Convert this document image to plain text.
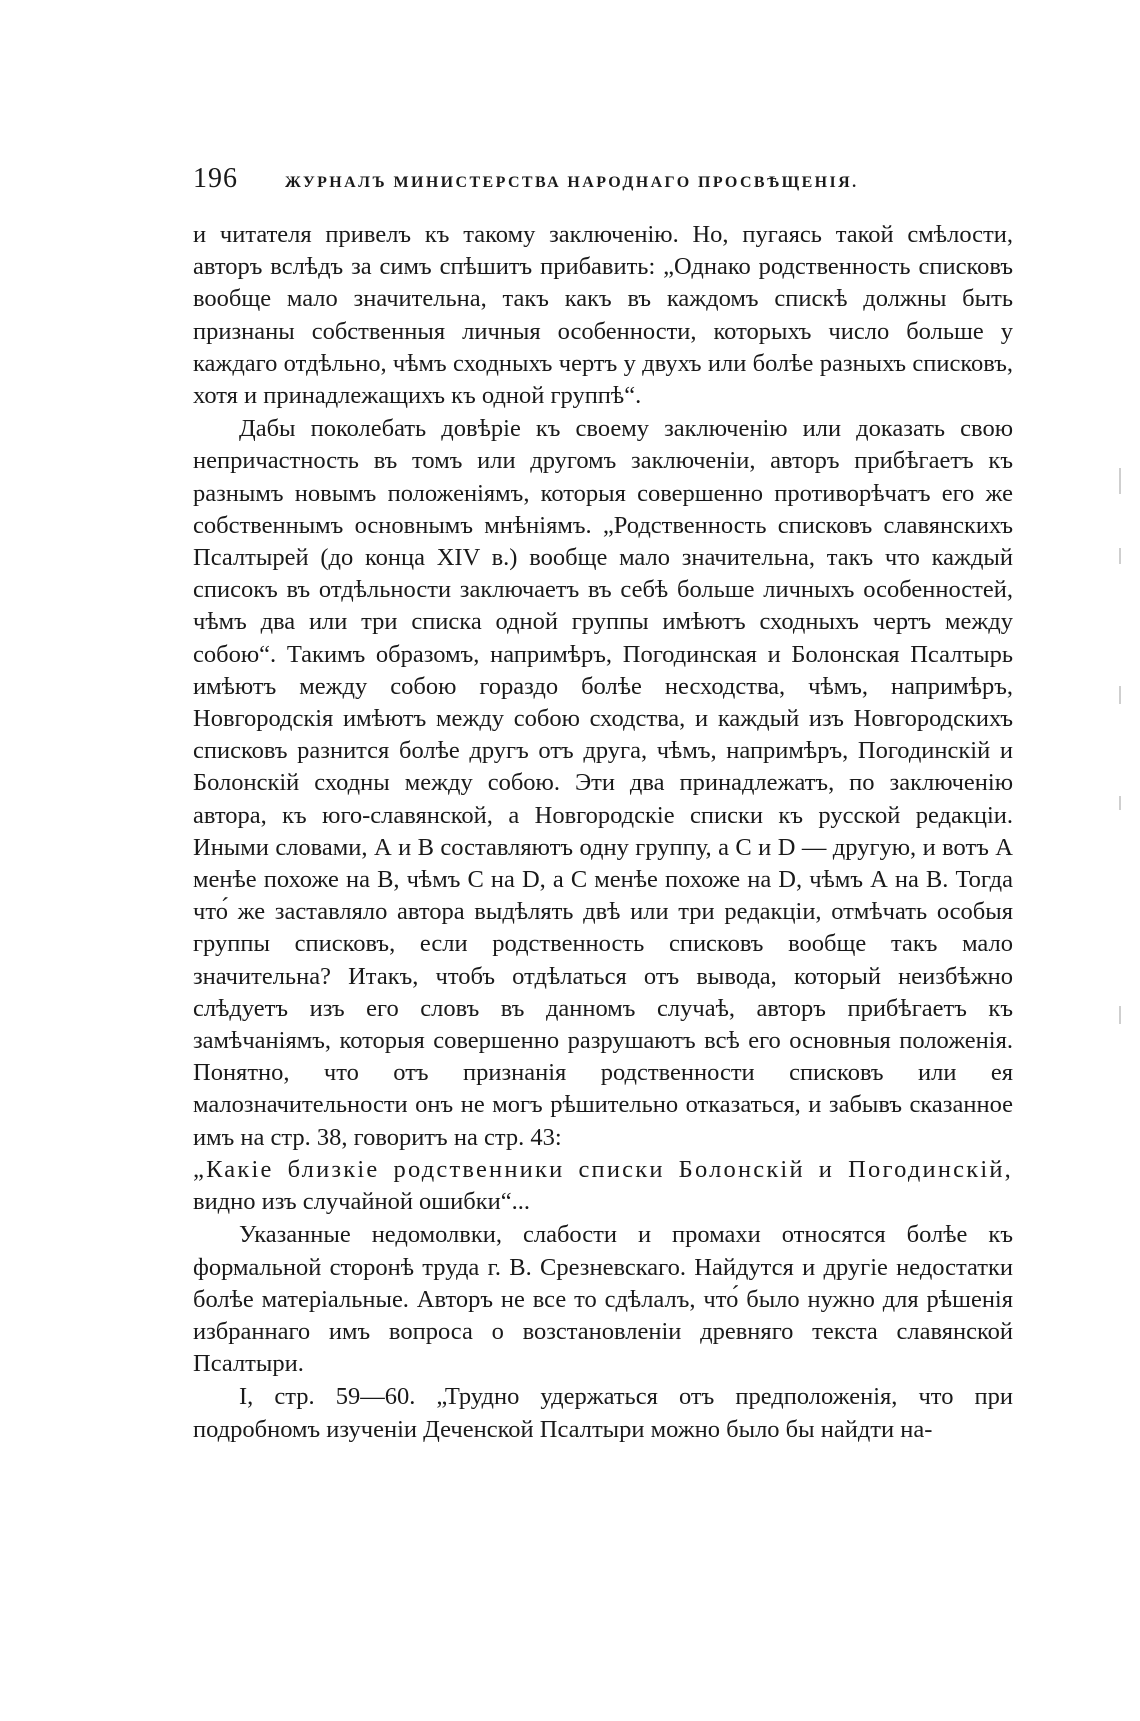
196	ЖУРНАЛЪ МИНИСТЕРСТВА НАРОДНАГО ПРОСВѢЩЕНІЯ.

и читателя привелъ къ такому заключенію. Но, пугаясь такой смѣлости, авторъ вслѣдъ за симъ спѣшитъ прибавить: „Однако родственность списковъ вообще мало значительна, такъ какъ въ каждомъ спискѣ должны быть признаны собственныя личныя особенности, которыхъ число больше у каждаго отдѣльно, чѣмъ сходныхъ чертъ у двухъ или болѣе разныхъ списковъ, хотя и принадлежащихъ къ одной группѣ“.

Дабы поколебать довѣріе къ своему заключенію или доказать свою непричастность въ томъ или другомъ заключеніи, авторъ прибѣгаетъ къ разнымъ новымъ положеніямъ, которыя совершенно противорѣчатъ его же собственнымъ основнымъ мнѣніямъ. „Родственность списковъ славянскихъ Псалтырей (до конца XIV в.) вообще мало значительна, такъ что каждый списокъ въ отдѣльности заключаетъ въ себѣ больше личныхъ особенностей, чѣмъ два или три списка одной группы имѣютъ сходныхъ чертъ между собою“. Такимъ образомъ, напримѣръ, Погодинская и Болонская Псалтырь имѣютъ между собою гораздо болѣе несходства, чѣмъ, напримѣръ, Новгородскія имѣютъ между собою сходства, и каждый изъ Новгородскихъ списковъ разнится болѣе другъ отъ друга, чѣмъ, напримѣръ, Погодинскій и Болонскій сходны между собою. Эти два принадлежатъ, по заключенію автора, къ юго-славянской, а Новгородскіе списки къ русской редакціи. Иными словами, А и В составляютъ одну группу, а С и D — другую, и вотъ А менѣе похоже на В, чѣмъ С на D, а С менѣе похоже на D, чѣмъ А на В. Тогда что́ же заставляло автора выдѣлять двѣ или три редакціи, отмѣчать особыя группы списковъ, если родственность списковъ вообще такъ мало значительна? Итакъ, чтобъ отдѣлаться отъ вывода, который неизбѣжно слѣдуетъ изъ его словъ въ данномъ случаѣ, авторъ прибѣгаетъ къ замѣчаніямъ, которыя совершенно разрушаютъ всѣ его основныя положенія. Понятно, что отъ признанія родственности списковъ или ея малозначительности онъ не могъ рѣшительно отказаться, и забывъ сказанное имъ на стр. 38, говоритъ на стр. 43:

„Какіе близкіе родственники списки Болонскій и Погодинскій, видно изъ случайной ошибки“...

Указанные недомолвки, слабости и промахи относятся болѣе къ формальной сторонѣ труда г. В. Срезневскаго. Найдутся и другіе недостатки болѣе матеріальные. Авторъ не все то сдѣлалъ, что́ было нужно для рѣшенія избраннаго имъ вопроса о возстановленіи древняго текста славянской Псалтыри.

I, стр. 59—60. „Трудно удержаться отъ предположенія, что при подробномъ изученіи Деченской Псалтыри можно было бы найдти на-
